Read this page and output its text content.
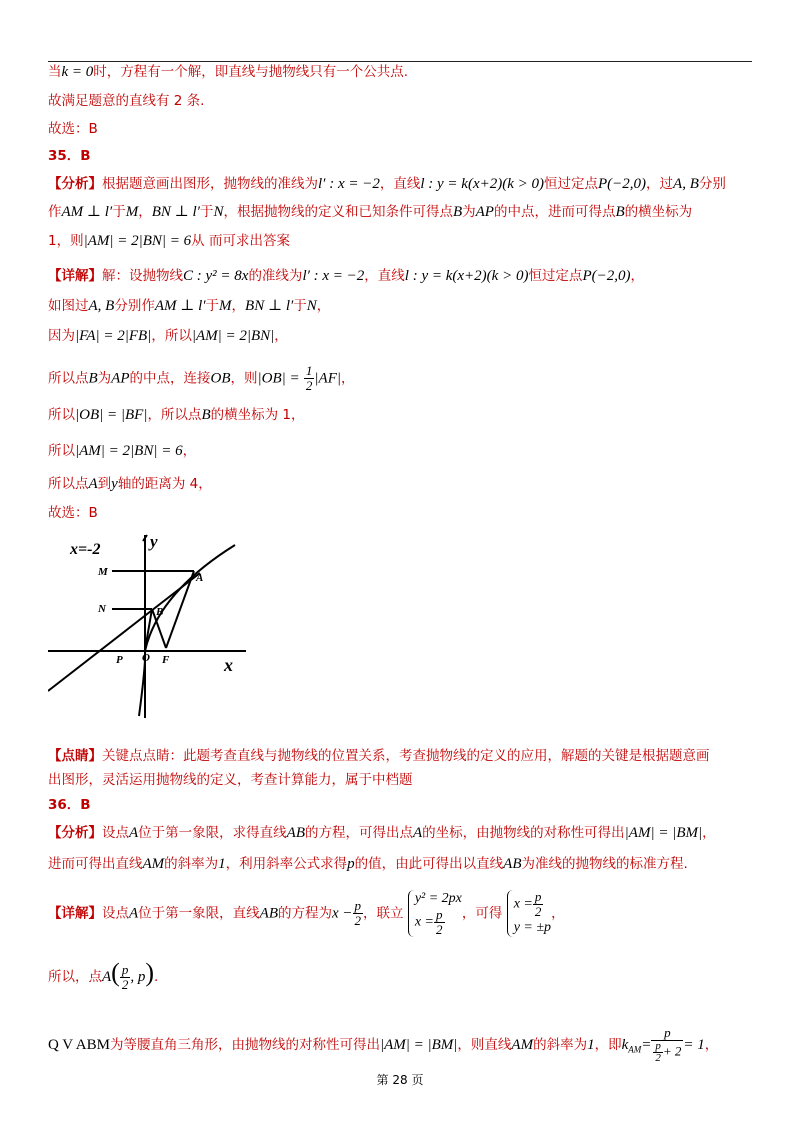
当k = 0时，方程有一个解，即直线与抛物线只有一个公共点.
故满足题意的直线有 2 条.
故选：B
35．B
【分析】根据题意画出图形，抛物线的准线为l′ : x = −2，直线l : y = k(x+2)(k > 0)恒过定点P(−2,0)，过A, B分别
作AM ⊥ l′于M，BN ⊥ l′于N，根据抛物线的定义和已知条件可得点B为AP的中点，进而可得点B的横坐标为
1，则|AM| = 2|BN| = 6从 而可求出答案
【详解】解：设抛物线C : y² = 8x的准线为l′ : x = −2，直线l : y = k(x+2)(k > 0)恒过定点P(−2,0)，
如图过A, B分别作AM ⊥ l′于M，BN ⊥ l′于N，
因为|FA| = 2|FB|，所以|AM| = 2|BN|，
所以点B为AP的中点，连接OB，则$|OB| = \frac{1}{2} |AF|$，
所以|OB| = |BF|，所以点B的横坐标为 1，
所以|AM| = 2|BN| = 6，
所以点A到y轴的距离为 4，
故选：B
x=-2	y
x
M
N
A
B
P O F
【点睛】关键点点睛：此题考查直线与抛物线的位置关系，考查抛物线的定义的应用，解题的关键是根据题意画
出图形，灵活运用抛物线的定义，考查计算能力，属于中档题
36．B
【分析】设点A位于第一象限，求得直线AB的方程，可得出点A的坐标，由抛物线的对称性可得出|AM| = |BM|，
进而可得出直线AM的斜率为1，利用斜率公式求得p的值，由此可得出以直线AB为准线的抛物线的标准方程.
【详解】设点A位于第一象限，直线AB的方程为$x - \frac{p}{2}$ ，联立
y² = 2px
$x = \frac{p}{2}$ ，可得
$x = \frac{p}{2}$
y = ±p
，
所以，点$A( \frac{p}{2}$ , p).
Q V ABM为等腰直角三角形，由抛物线的对称性可得出|AM| = |BM|，则直线AM的斜率为1，即$k_{AM}= \frac{p}{\frac{p}{2} + 2} = 1$，
第 28 页
